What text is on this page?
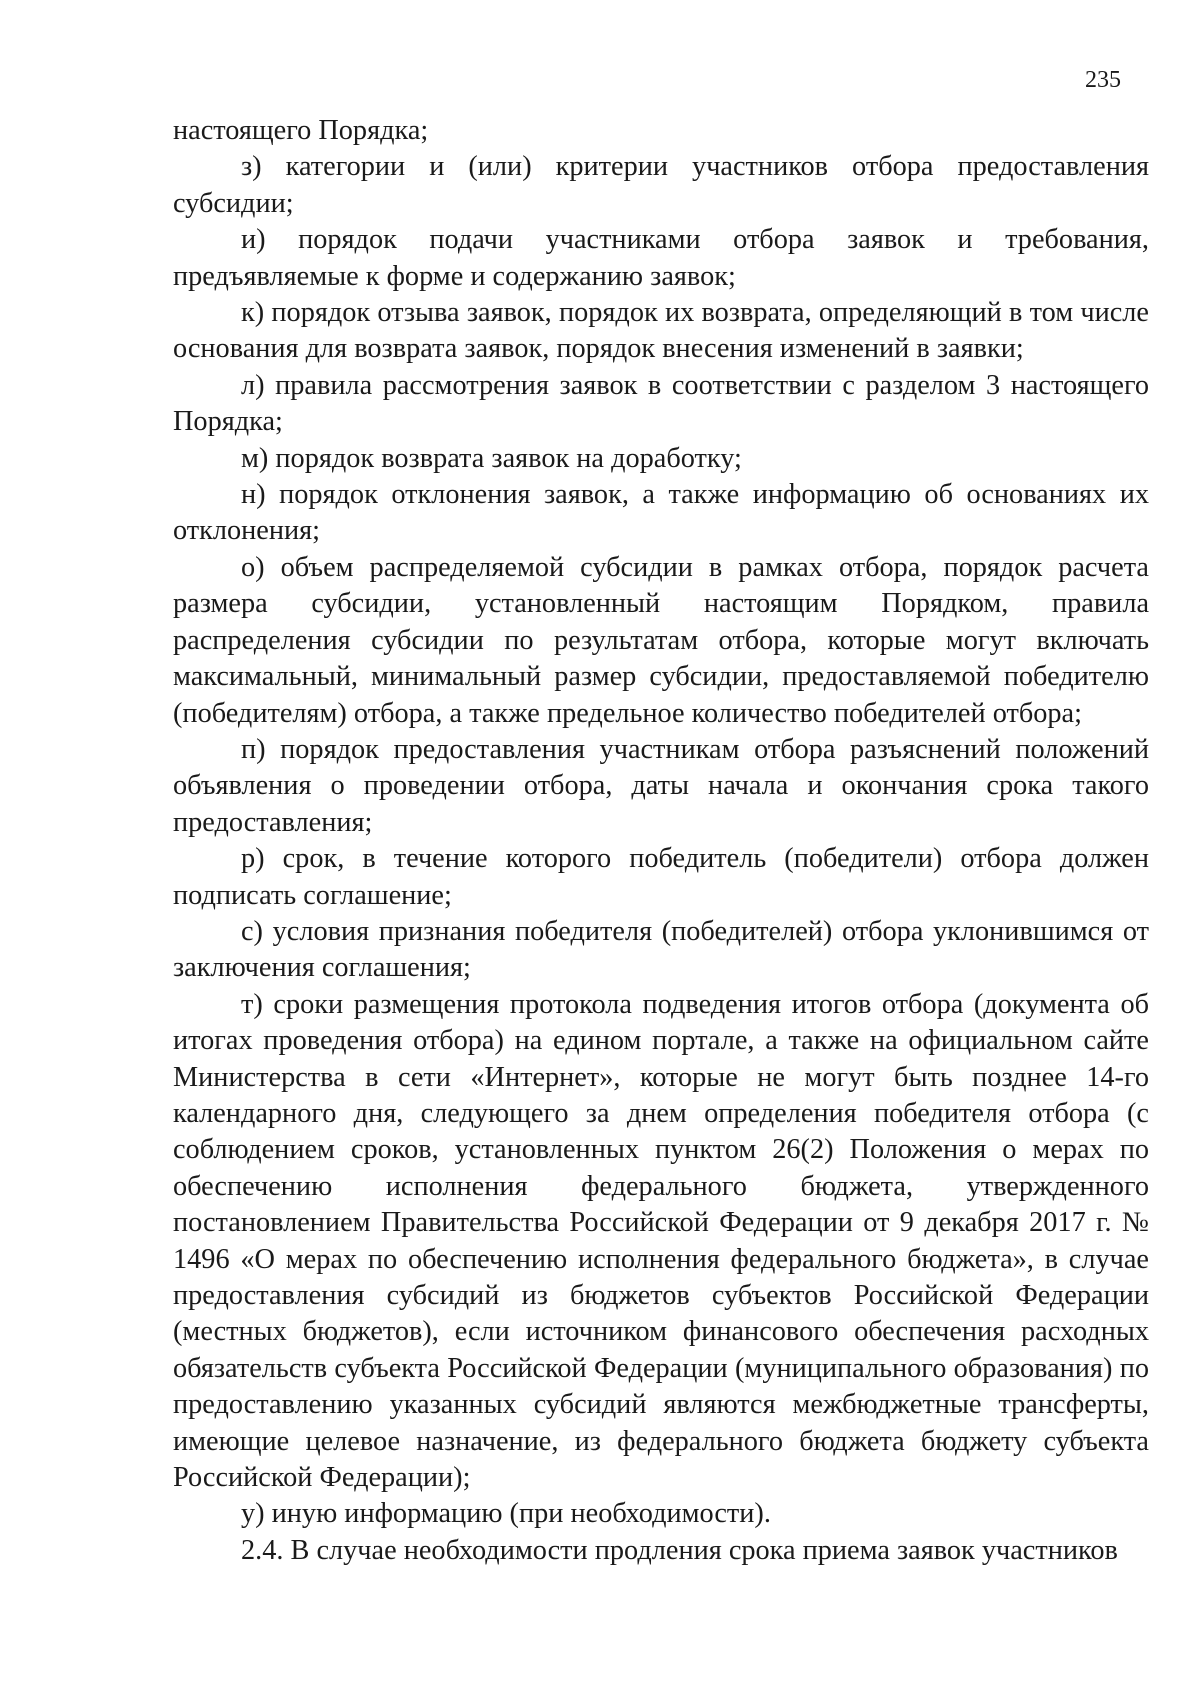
235

настоящего Порядка;

з) категории и (или) критерии участников отбора предоставления субсидии;

и) порядок подачи участниками отбора заявок и требования, предъявляемые к форме и содержанию заявок;

к) порядок отзыва заявок, порядок их возврата, определяющий в том числе основания для возврата заявок, порядок внесения изменений в заявки;

л) правила рассмотрения заявок в соответствии с разделом 3 настоящего Порядка;

м) порядок возврата заявок на доработку;

н) порядок отклонения заявок, а также информацию об основаниях их отклонения;

о) объем распределяемой субсидии в рамках отбора, порядок расчета размера субсидии, установленный настоящим Порядком, правила распределения субсидии по результатам отбора, которые могут включать максимальный, минимальный размер субсидии, предоставляемой победителю (победителям) отбора, а также предельное количество победителей отбора;

п) порядок предоставления участникам отбора разъяснений положений объявления о проведении отбора, даты начала и окончания срока такого предоставления;

р) срок, в течение которого победитель (победители) отбора должен подписать соглашение;

с) условия признания победителя (победителей) отбора уклонившимся от заключения соглашения;

т) сроки размещения протокола подведения итогов отбора (документа об итогах проведения отбора) на едином портале, а также на официальном сайте Министерства в сети «Интернет», которые не могут быть позднее 14-го календарного дня, следующего за днем определения победителя отбора (с соблюдением сроков, установленных пунктом 26(2) Положения о мерах по обеспечению исполнения федерального бюджета, утвержденного постановлением Правительства Российской Федерации от 9 декабря 2017 г. № 1496 «О мерах по обеспечению исполнения федерального бюджета», в случае предоставления субсидий из бюджетов субъектов Российской Федерации (местных бюджетов), если источником финансового обеспечения расходных обязательств субъекта Российской Федерации (муниципального образования) по предоставлению указанных субсидий являются межбюджетные трансферты, имеющие целевое назначение, из федерального бюджета бюджету субъекта Российской Федерации);

у) иную информацию (при необходимости).

2.4. В случае необходимости продления срока приема заявок участников
